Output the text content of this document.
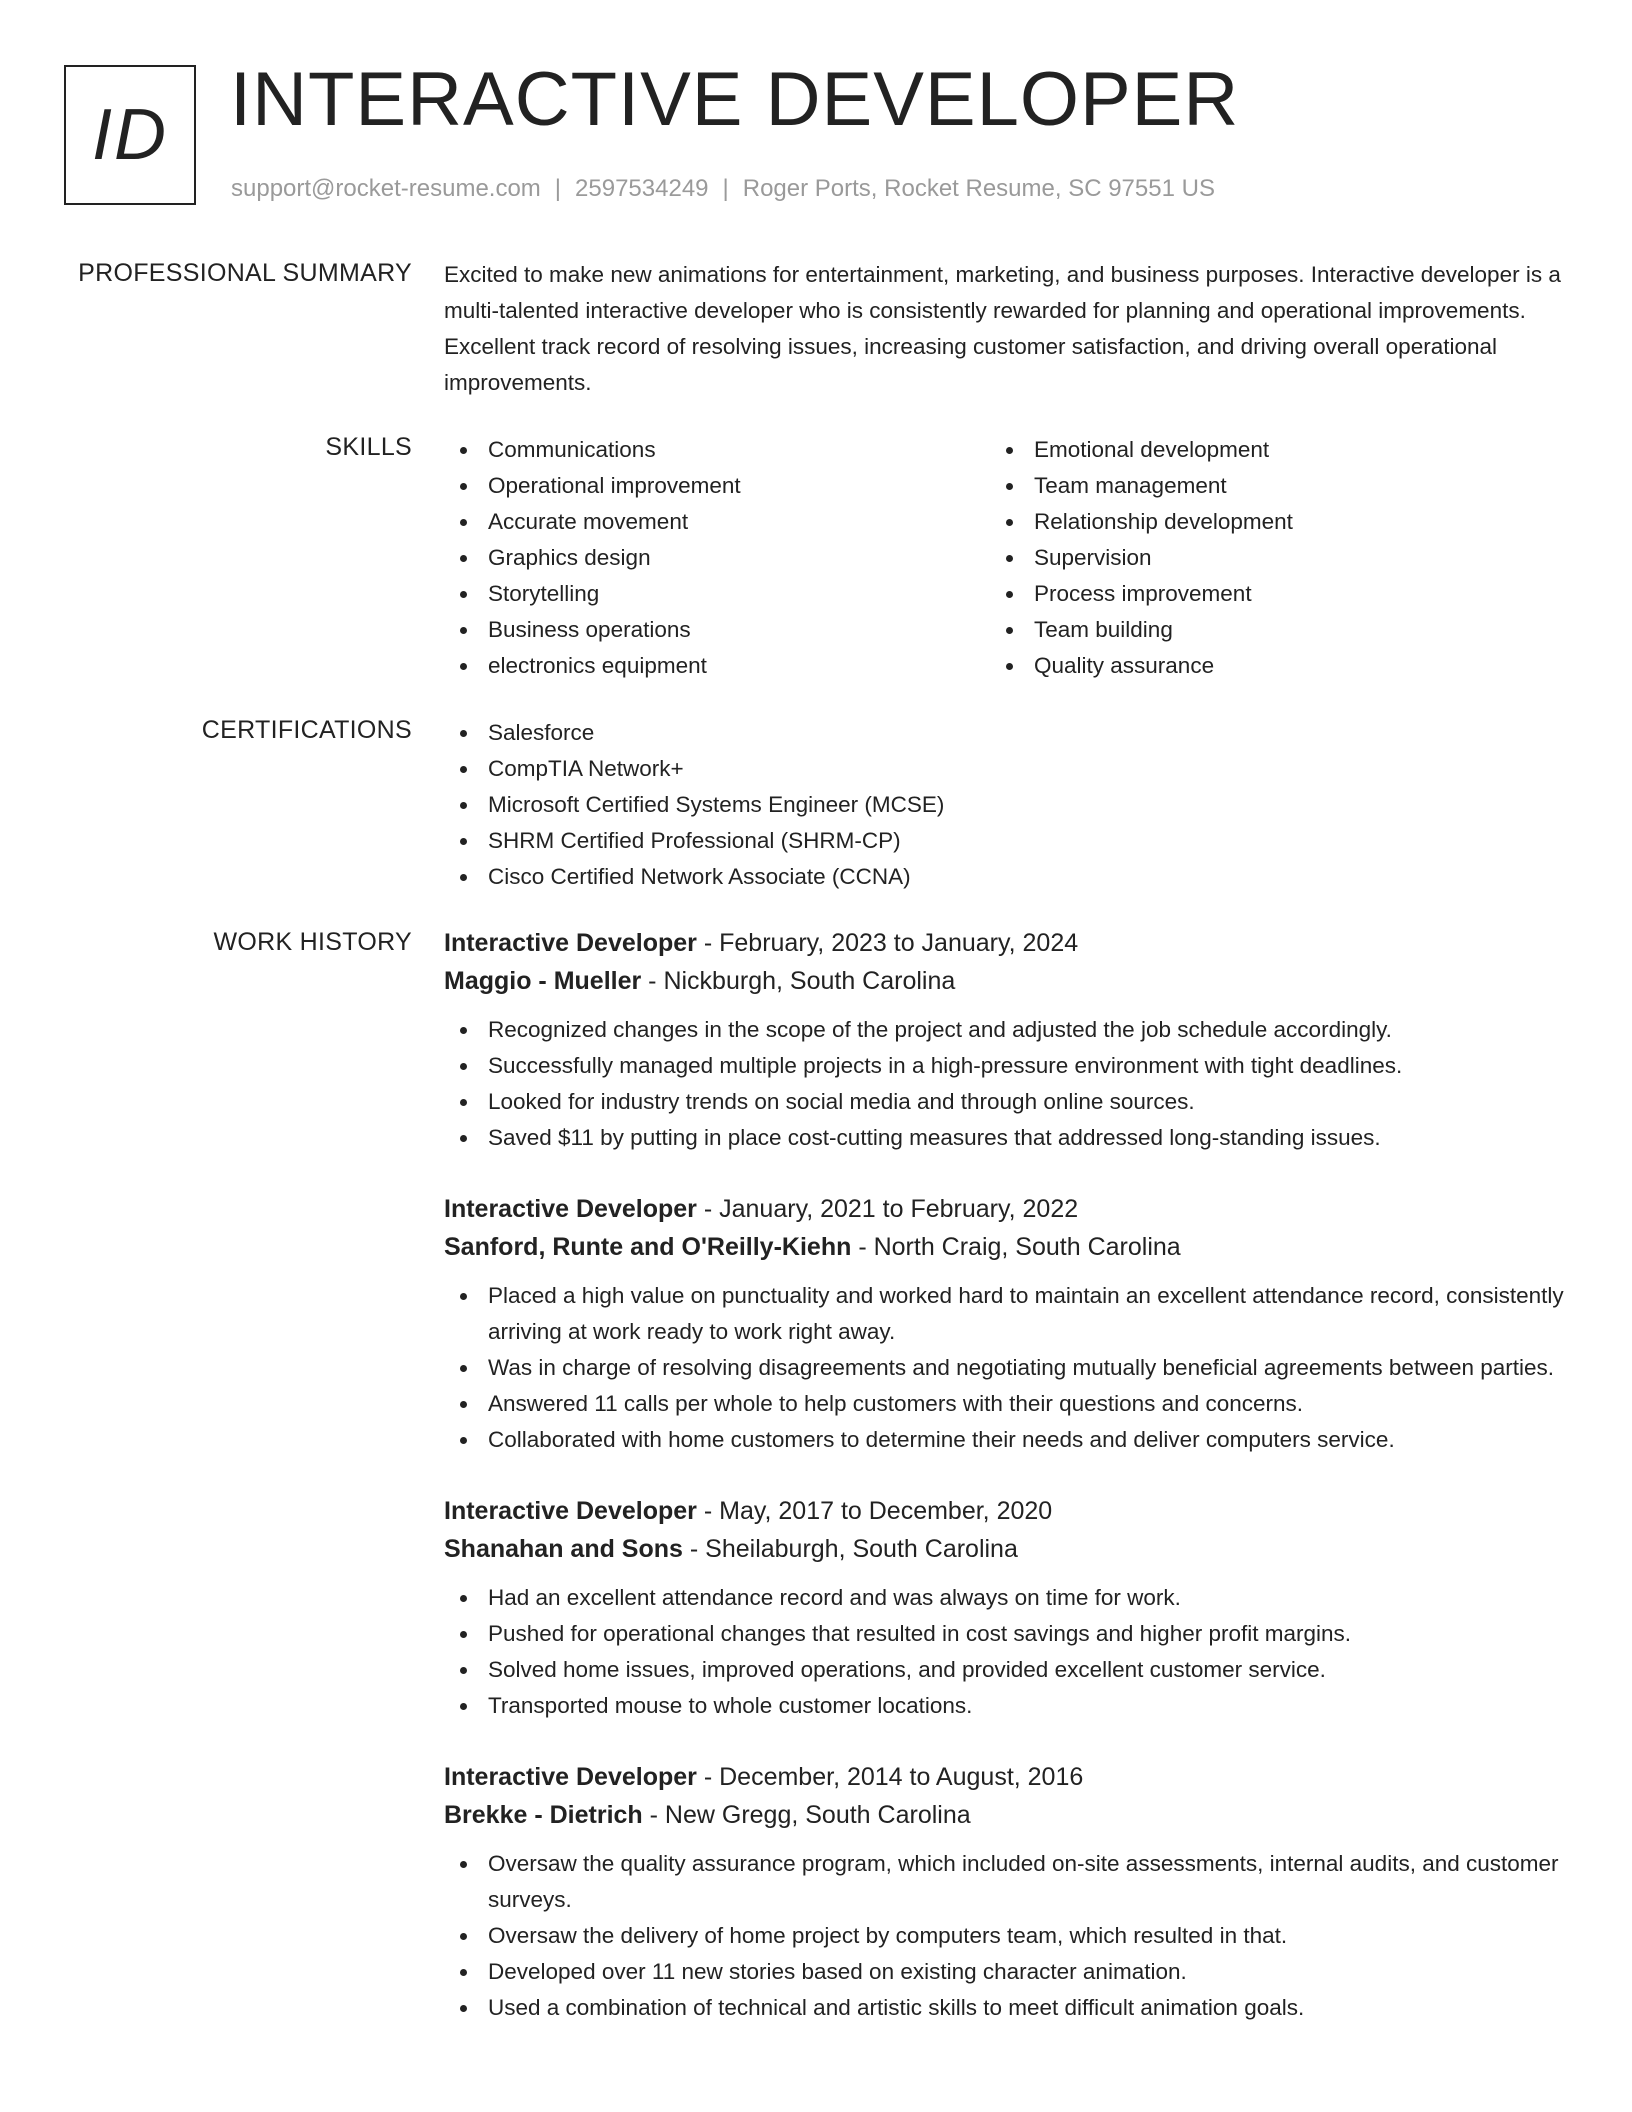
ID INTERACTIVE DEVELOPER
support@rocket-resume.com | 2597534249 | Roger Ports, Rocket Resume, SC 97551 US
PROFESSIONAL SUMMARY Excited to make new animations for entertainment, marketing, and business purposes. Interactive developer is a multi-talented interactive developer who is consistently rewarded for planning and operational improvements. Excellent track record of resolving issues, increasing customer satisfaction, and driving overall operational improvements.
SKILLS	Communications
Operational improvement
Accurate movement
Graphics design
Storytelling
Business operations
electronics equipment
Emotional development
Team management
Relationship development
Supervision
Process improvement
Team building
Quality assurance
CERTIFICATIONS	Salesforce
CompTIA Network+
Microsoft Certified Systems Engineer (MCSE)
SHRM Certified Professional (SHRM-CP)
Cisco Certified Network Associate (CCNA)
WORK HISTORY Interactive Developer - February, 2023 to January, 2024
Maggio - Mueller - Nickburgh, South Carolina
Recognized changes in the scope of the project and adjusted the job schedule accordingly.
Successfully managed multiple projects in a high-pressure environment with tight deadlines.
Looked for industry trends on social media and through online sources.
Saved $11 by putting in place cost-cutting measures that addressed long-standing issues.
Interactive Developer - January, 2021 to February, 2022
Sanford, Runte and O'Reilly-Kiehn - North Craig, South Carolina
Placed a high value on punctuality and worked hard to maintain an excellent attendance record, consistently arriving at work ready to work right away.
Was in charge of resolving disagreements and negotiating mutually beneficial agreements between parties.
Answered 11 calls per whole to help customers with their questions and concerns.
Collaborated with home customers to determine their needs and deliver computers service.
Interactive Developer - May, 2017 to December, 2020
Shanahan and Sons - Sheilaburgh, South Carolina
Had an excellent attendance record and was always on time for work.
Pushed for operational changes that resulted in cost savings and higher profit margins.
Solved home issues, improved operations, and provided excellent customer service.
Transported mouse to whole customer locations.
Interactive Developer - December, 2014 to August, 2016
Brekke - Dietrich - New Gregg, South Carolina
Oversaw the quality assurance program, which included on-site assessments, internal audits, and customer surveys.
Oversaw the delivery of home project by computers team, which resulted in that.
Developed over 11 new stories based on existing character animation.
Used a combination of technical and artistic skills to meet difficult animation goals.
